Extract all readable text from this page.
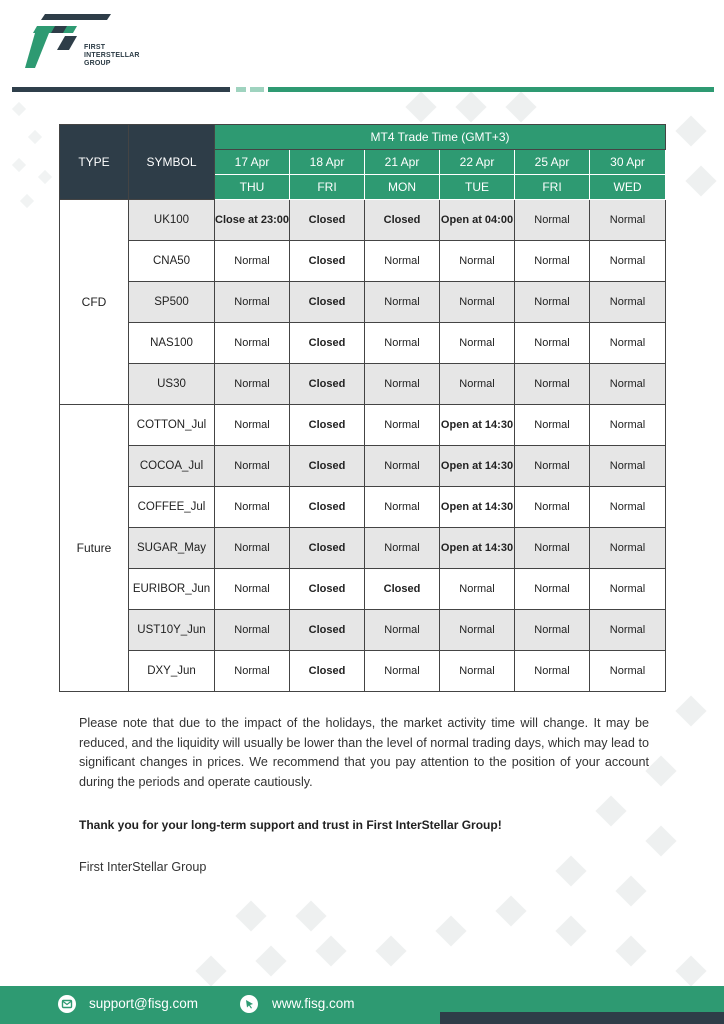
FIRST
INTERSTELLAR
GROUP
TYPE	SYMBOL	MT4 Trade Time (GMT+3)					
		17 Apr	18 Apr	21 Apr	22 Apr	25 Apr	30 Apr
		THU	FRI	MON	TUE	FRI	WED
CFD	UK100	Close at 23:00	Closed	Closed	Open at 04:00	Normal	Normal
	CNA50	Normal	Closed	Normal	Normal	Normal	Normal
	SP500	Normal	Closed	Normal	Normal	Normal	Normal
	NAS100	Normal	Closed	Normal	Normal	Normal	Normal
	US30	Normal	Closed	Normal	Normal	Normal	Normal
Future	COTTON_Jul	Normal	Closed	Normal	Open at 14:30	Normal	Normal
	COCOA_Jul	Normal	Closed	Normal	Open at 14:30	Normal	Normal
	COFFEE_Jul	Normal	Closed	Normal	Open at 14:30	Normal	Normal
	SUGAR_May	Normal	Closed	Normal	Open at 14:30	Normal	Normal
	EURIBOR_Jun	Normal	Closed	Closed	Normal	Normal	Normal
	UST10Y_Jun	Normal	Closed	Normal	Normal	Normal	Normal
	DXY_Jun	Normal	Closed	Normal	Normal	Normal	Normal
Please note that due to the impact of the holidays, the market activity time will change. It may be reduced, and the liquidity will usually be lower than the level of normal trading days, which may lead to significant changes in prices. We recommend that you pay attention to the position of your account during the periods and operate cautiously.
Thank you for your long-term support and trust in First InterStellar Group!
First InterStellar Group
support@fisg.com	www.fisg.com
